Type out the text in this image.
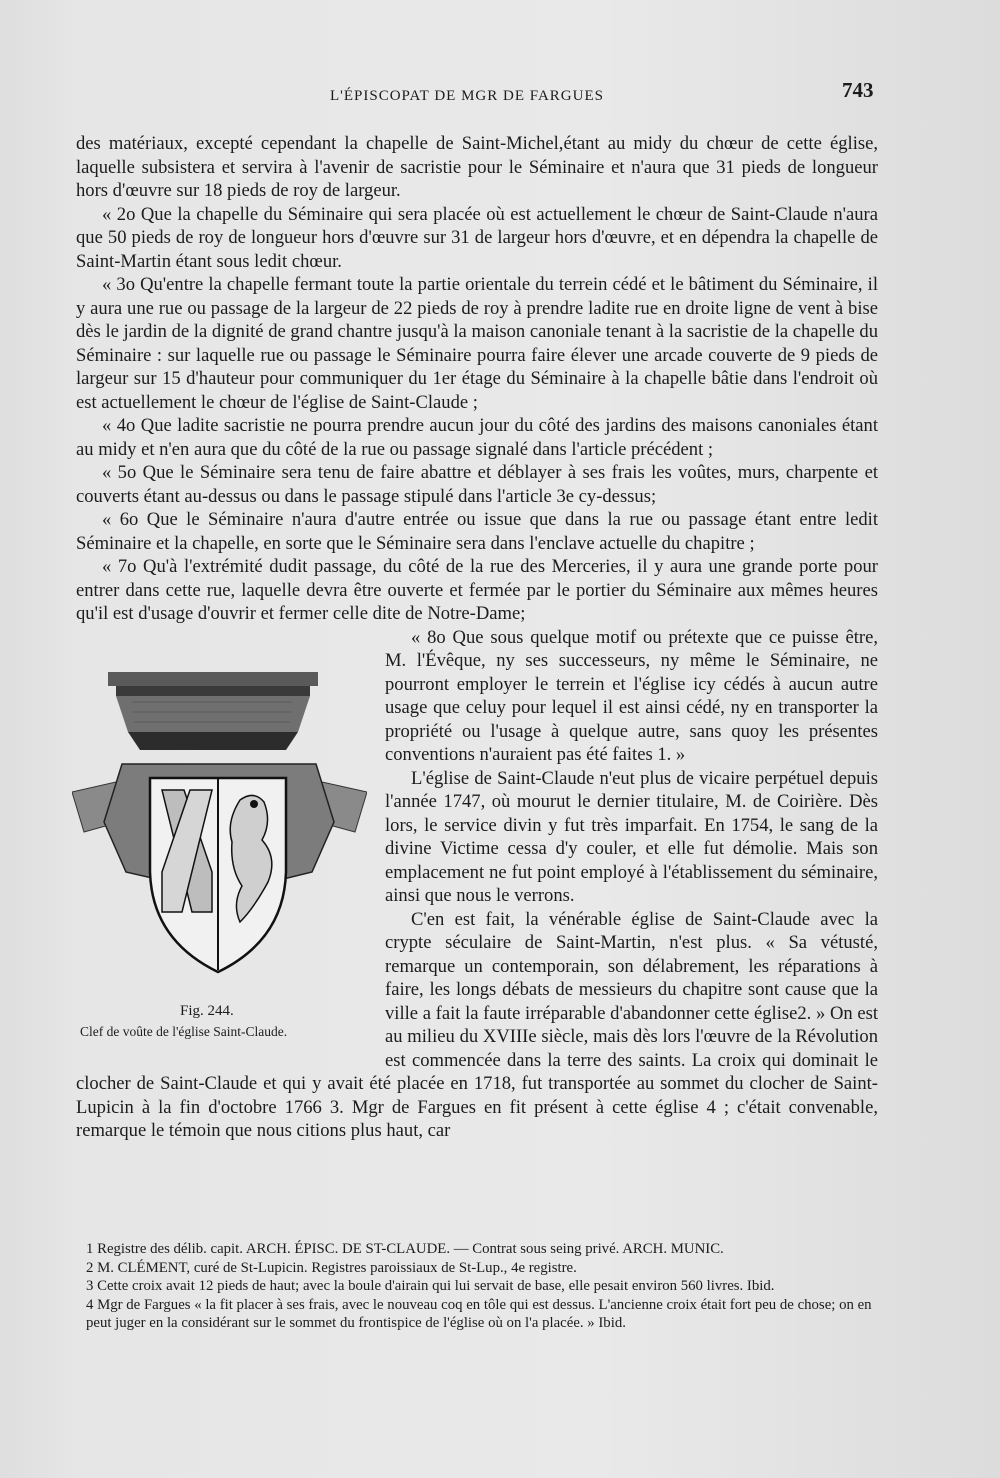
L'ÉPISCOPAT DE MGR DE FARGUES	743

des matériaux, excepté cependant la chapelle de Saint-Michel,étant au midy du chœur de cette église, laquelle subsistera et servira à l'avenir de sacristie pour le Séminaire et n'aura que 31 pieds de longueur hors d'œuvre sur 18 pieds de roy de largeur.

« 2o Que la chapelle du Séminaire qui sera placée où est actuellement le chœur de Saint-Claude n'aura que 50 pieds de roy de longueur hors d'œuvre sur 31 de largeur hors d'œuvre, et en dépendra la chapelle de Saint-Martin étant sous ledit chœur.

« 3o Qu'entre la chapelle fermant toute la partie orientale du terrein cédé et le bâtiment du Séminaire, il y aura une rue ou passage de la largeur de 22 pieds de roy à prendre ladite rue en droite ligne de vent à bise dès le jardin de la dignité de grand chantre jusqu'à la maison canoniale tenant à la sacristie de la chapelle du Séminaire : sur laquelle rue ou passage le Séminaire pourra faire élever une arcade couverte de 9 pieds de largeur sur 15 d'hauteur pour communiquer du 1er étage du Séminaire à la chapelle bâtie dans l'endroit où est actuellement le chœur de l'église de Saint-Claude ;

« 4o Que ladite sacristie ne pourra prendre aucun jour du côté des jardins des maisons canoniales étant au midy et n'en aura que du côté de la rue ou passage signalé dans l'article précédent ;

« 5o Que le Séminaire sera tenu de faire abattre et déblayer à ses frais les voûtes, murs, charpente et couverts étant au-dessus ou dans le passage stipulé dans l'article 3e cy-dessus;

« 6o Que le Séminaire n'aura d'autre entrée ou issue que dans la rue ou passage étant entre ledit Séminaire et la chapelle, en sorte que le Séminaire sera dans l'enclave actuelle du chapitre ;

« 7o Qu'à l'extrémité dudit passage, du côté de la rue des Merceries, il y aura une grande porte pour entrer dans cette rue, laquelle devra être ouverte et fermée par le portier du Séminaire aux mêmes heures qu'il est d'usage d'ouvrir et fermer celle dite de Notre-Dame;

Fig. 244.
Clef de voûte de l'église Saint-Claude.

« 8o Que sous quelque motif ou prétexte que ce puisse être, M. l'Évêque, ny ses successeurs, ny même le Séminaire, ne pourront employer le terrein et l'église icy cédés à aucun autre usage que celuy pour lequel il est ainsi cédé, ny en transporter la propriété ou l'usage à quelque autre, sans quoy les présentes conventions n'auraient pas été faites 1. »

L'église de Saint-Claude n'eut plus de vicaire perpétuel depuis l'année 1747, où mourut le dernier titulaire, M. de Coirière. Dès lors, le service divin y fut très imparfait. En 1754, le sang de la divine Victime cessa d'y couler, et elle fut démolie. Mais son emplacement ne fut point employé à l'établissement du séminaire, ainsi que nous le verrons.

C'en est fait, la vénérable église de Saint-Claude avec la crypte séculaire de Saint-Martin, n'est plus. « Sa vétusté, remarque un contemporain, son délabrement, les réparations à faire, les longs débats de messieurs du chapitre sont cause que la ville a fait la faute irréparable d'abandonner cette église2. » On est au milieu du XVIIIe siècle, mais dès lors l'œuvre de la Révolution est commencée dans la terre des saints. La croix qui dominait le clocher de Saint-Claude et qui y avait été placée en 1718, fut transportée au sommet du clocher de Saint-Lupicin à la fin d'octobre 1766 3. Mgr de Fargues en fit présent à cette église 4 ; c'était convenable, remarque le témoin que nous citions plus haut, car

1 Registre des délib. capit. ARCH. ÉPISC. DE ST-CLAUDE. — Contrat sous seing privé. ARCH. MUNIC.
2 M. CLÉMENT, curé de St-Lupicin. Registres paroissiaux de St-Lup., 4e registre.
3 Cette croix avait 12 pieds de haut; avec la boule d'airain qui lui servait de base, elle pesait environ 560 livres. Ibid.
4 Mgr de Fargues « la fit placer à ses frais, avec le nouveau coq en tôle qui est dessus. L'ancienne croix était fort peu de chose; on en peut juger en la considérant sur le sommet du frontispice de l'église où on l'a placée. » Ibid.
